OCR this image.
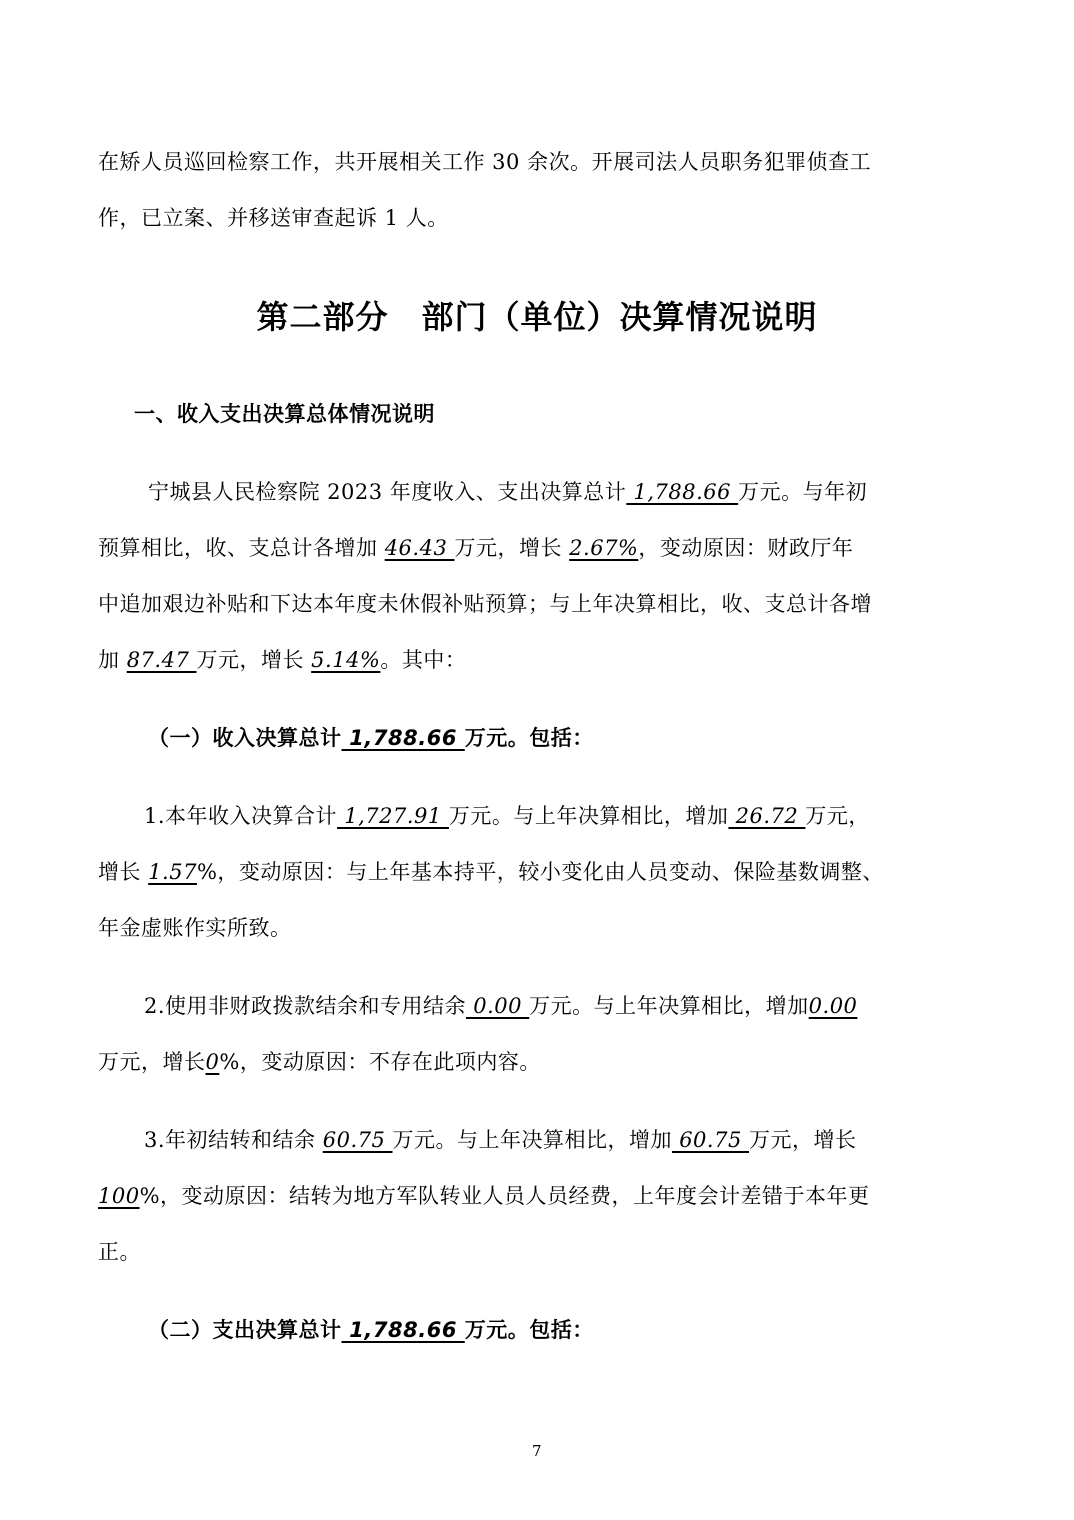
在矫人员巡回检察工作，共开展相关工作 30 余次。开展司法人员职务犯罪侦查工
作，已立案、并移送审查起诉 1 人。
第二部分　部门（单位）决算情况说明
一、收入支出决算总体情况说明
宁城县人民检察院 2023 年度收入、支出决算总计 1,788.66 万元。与年初
预算相比，收、支总计各增加 46.43 万元，增长 2.67%，变动原因：财政厅年
中追加艰边补贴和下达本年度未休假补贴预算；与上年决算相比，收、支总计各增
加 87.47 万元，增长 5.14%。其中：
（一）收入决算总计 1,788.66 万元。包括：
1.本年收入决算合计 1,727.91 万元。与上年决算相比，增加 26.72 万元，
增长 1.57%，变动原因：与上年基本持平，较小变化由人员变动、保险基数调整、
年金虚账作实所致。
2.使用非财政拨款结余和专用结余 0.00 万元。与上年决算相比，增加0.00
万元，增长0%，变动原因：不存在此项内容。
3.年初结转和结余 60.75 万元。与上年决算相比，增加 60.75 万元，增长
100%，变动原因：结转为地方军队转业人员人员经费，上年度会计差错于本年更
正。
（二）支出决算总计 1,788.66 万元。包括：
7
